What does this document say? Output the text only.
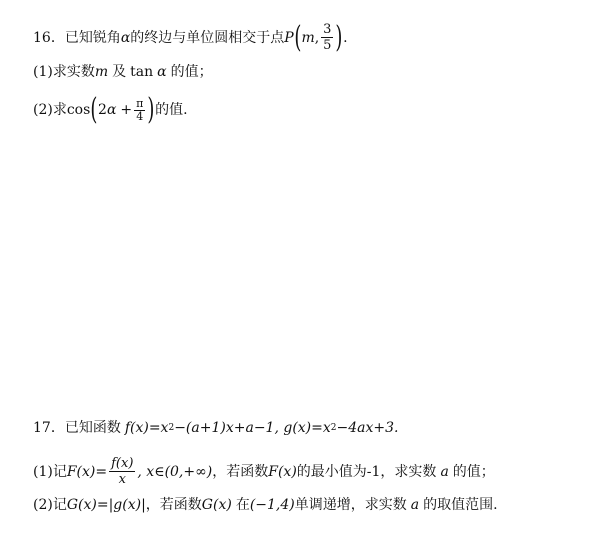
16． 已知锐角 α 的终边与单位圆相交于点 P ( m , $\frac{3}{5}$ ) .
(1) 求实数 m 及 tan α 的值；
(2) 求 cos ( 2 $\alpha + \frac{\pi}{4}$ ) 的值.
17． 已知函数 f(x)=x 2 −(a+1)x+a−1, g(x)=x 2 −4ax+3.
(1) 记 $F(x)= \frac{f(x)}{x}$ , x∈(0,+∞) ，若函数 F(x) 的最小值为-1，求实数 a 的值；
(2) 记 G(x)=|g(x)| ，若函数 G(x) 在 (−1,4) 单调递增，求实数 a 的取值范围.
